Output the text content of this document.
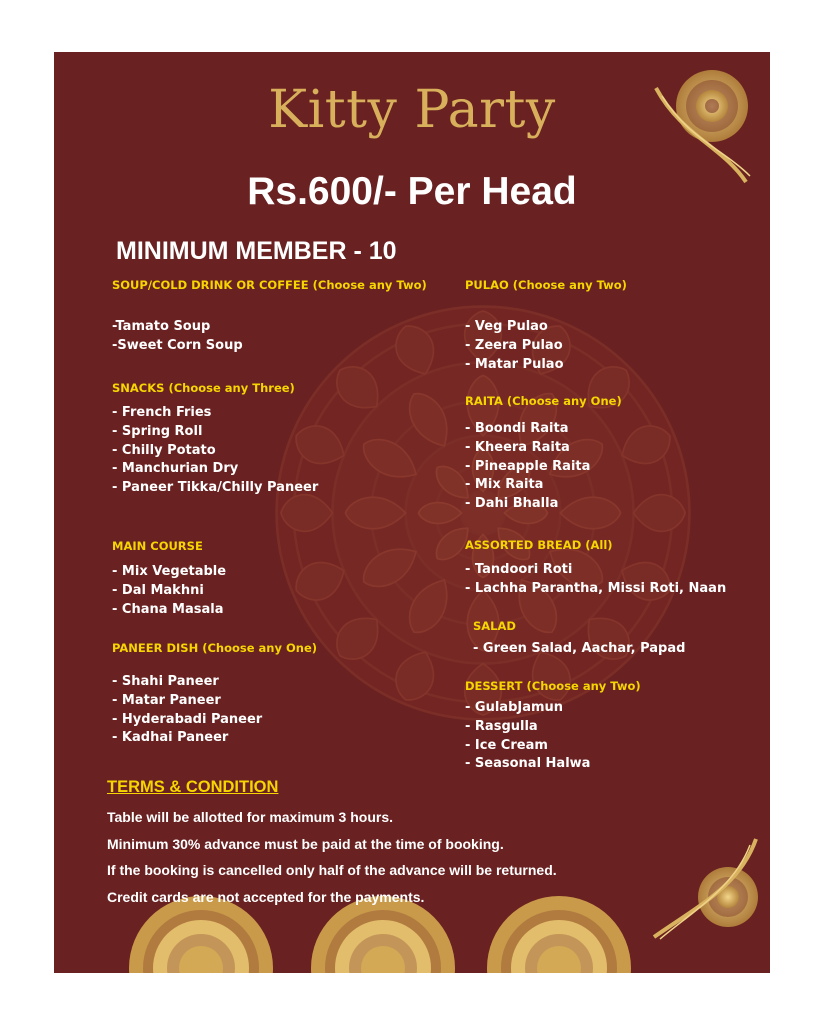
Kitty Party
Rs.600/- Per Head
MINIMUM MEMBER - 10
SOUP/COLD DRINK OR COFFEE (Choose any Two)
-Tamato Soup
-Sweet Corn Soup
SNACKS (Choose any Three)
- French Fries
- Spring Roll
- Chilly Potato
- Manchurian Dry
- Paneer Tikka/Chilly Paneer
MAIN COURSE
- Mix Vegetable
- Dal Makhni
- Chana Masala
PANEER DISH (Choose any One)
- Shahi Paneer
- Matar Paneer
- Hyderabadi Paneer
- Kadhai Paneer
PULAO (Choose any Two)
- Veg Pulao
- Zeera Pulao
- Matar Pulao
RAITA (Choose any One)
- Boondi Raita
- Kheera Raita
- Pineapple Raita
- Mix Raita
- Dahi Bhalla
ASSORTED BREAD (All)
- Tandoori Roti
- Lachha Parantha, Missi Roti, Naan
SALAD
- Green Salad, Aachar, Papad
DESSERT (Choose any Two)
- GulabJamun
- Rasgulla
- Ice Cream
- Seasonal Halwa
TERMS & CONDITION
Table will be allotted for maximum 3 hours.
Minimum 30% advance must be paid at the time of booking.
If the booking is cancelled only half of the advance will be returned.
Credit cards are not accepted for the payments.
